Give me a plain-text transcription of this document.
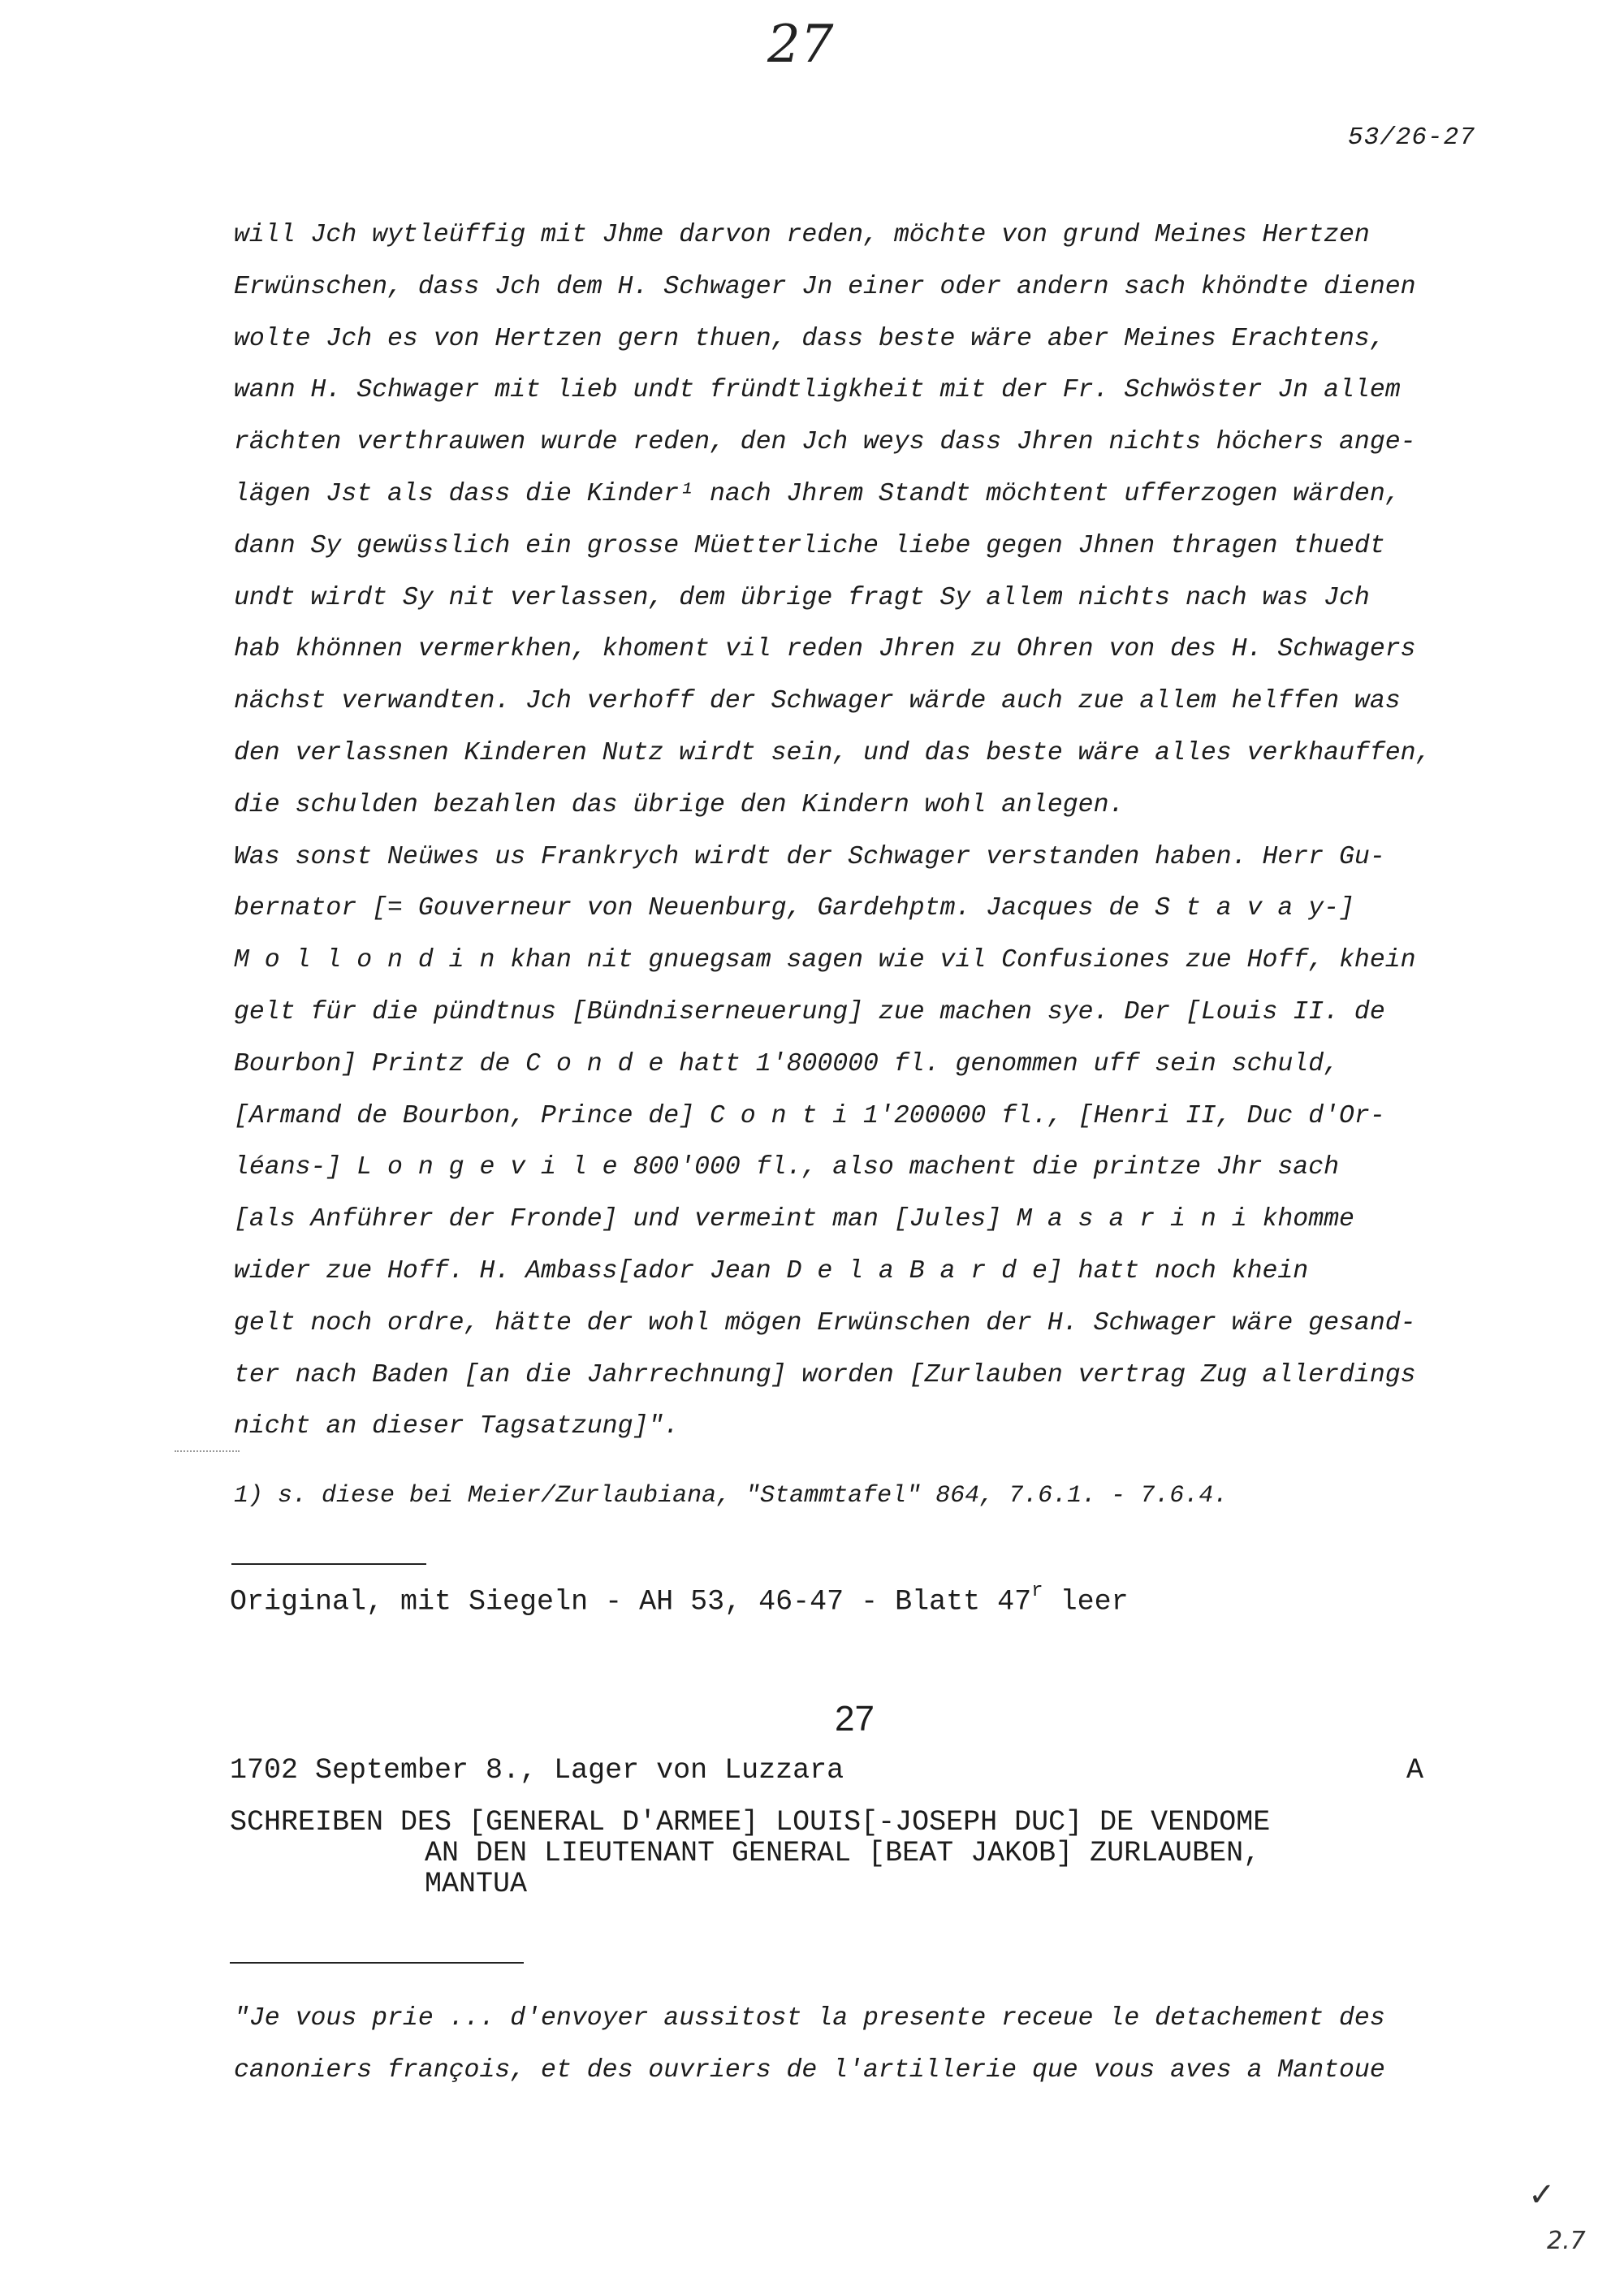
27
53/26-27
will Jch wytleüffig mit Jhme darvon reden, möchte von grund Meines Hertzen
Erwünschen, dass Jch dem H. Schwager Jn einer oder andern sach khöndte dienen
wolte Jch es von Hertzen gern thuen, dass beste wäre aber Meines Erachtens,
wann H. Schwager mit lieb undt fründtligkheit mit der Fr. Schwöster Jn allem
rächten verthrauwen wurde reden, den Jch weys dass Jhren nichts höchers ange-
lägen Jst als dass die Kinder¹ nach Jhrem Standt möchtent ufferzogen wärden,
dann Sy gewüsslich ein grosse Müetterliche liebe gegen Jhnen thragen thuedt
undt wirdt Sy nit verlassen, dem übrige fragt Sy allem nichts nach was Jch
hab khönnen vermerkhen, khoment vil reden Jhren zu Ohren von des H. Schwagers
nächst verwandten. Jch verhoff der Schwager wärde auch zue allem helffen was
den verlassnen Kinderen Nutz wirdt sein, und das beste wäre alles verkhauffen,
die schulden bezahlen das übrige den Kindern wohl anlegen.
Was sonst Neüwes us Frankrych wirdt der Schwager verstanden haben. Herr Gu-
bernator [= Gouverneur von Neuenburg, Gardehptm. Jacques de S t a v a y-]
M o l l o n d i n khan nit gnuegsam sagen wie vil Confusiones zue Hoff, khein
gelt für die pündtnus [Bündniserneuerung] zue machen sye. Der [Louis II. de
Bourbon] Printz de C o n d e hatt 1'800000 fl. genommen uff sein schuld,
[Armand de Bourbon, Prince de] C o n t i 1'200000 fl., [Henri II, Duc d'Or-
léans-] L o n g e v i l e 800'000 fl., also machent die printze Jhr sach
[als Anführer der Fronde] und vermeint man [Jules] M a s a r i n i khomme
wider zue Hoff. H. Ambass[ador Jean D e l a B a r d e] hatt noch khein
gelt noch ordre, hätte der wohl mögen Erwünschen der H. Schwager wäre gesand-
ter nach Baden [an die Jahrrechnung] worden [Zurlauben vertrag Zug allerdings
nicht an dieser Tagsatzung]".
1) s. diese bei Meier/Zurlaubiana, "Stammtafel" 864, 7.6.1. - 7.6.4.
Original, mit Siegeln - AH 53, 46-47 - Blatt 47$^r$ leer
27
1702 September 8., Lager von Luzzara	A
SCHREIBEN DES [GENERAL D'ARMEE] LOUIS[-JOSEPH DUC] DE VENDOME
AN DEN LIEUTENANT GENERAL [BEAT JAKOB] ZURLAUBEN,
MANTUA
"Je vous prie ... d'envoyer aussitost la presente receue le detachement des
canoniers françois, et des ouvriers de l'artillerie que vous aves a Mantoue
✓
2.7
